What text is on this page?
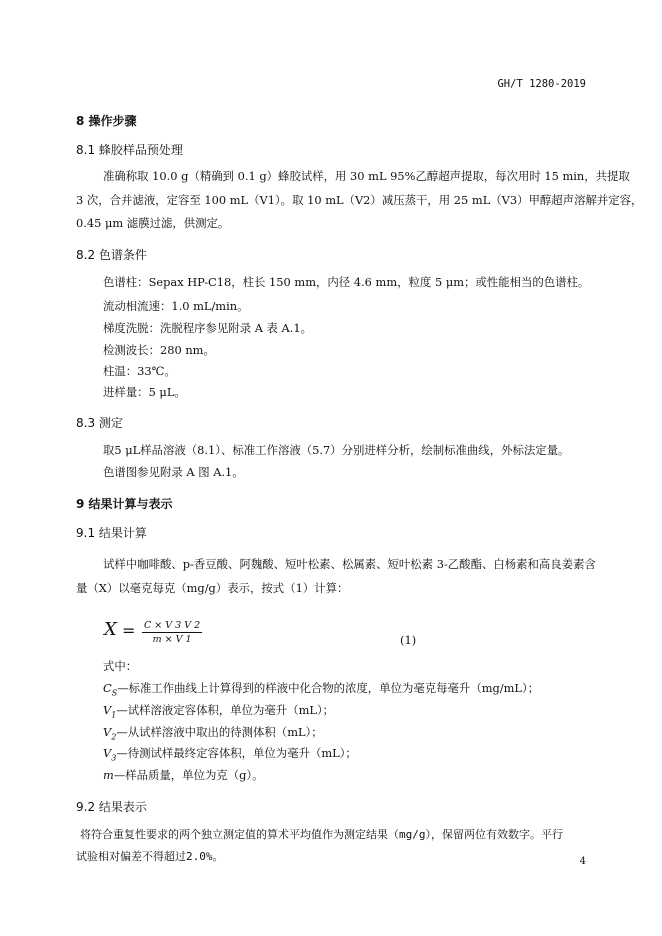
GH/T 1280-2019
8 操作步骤
8.1 蜂胶样品预处理
准确称取 10.0 g（精确到 0.1 g）蜂胶试样，用 30 mL 95%乙醇超声提取，每次用时 15 min，共提取
3 次，合并滤液，定容至 100 mL（V1）。取 10 mL（V2）减压蒸干，用 25 mL（V3）甲醇超声溶解并定容，
0.45 μm 滤膜过滤，供测定。
8.2 色谱条件
色谱柱：Sepax HP-C18，柱长 150 mm，内径 4.6 mm，粒度 5 μm；或性能相当的色谱柱。
流动相流速：1.0 mL/min。
梯度洗脱：洗脱程序参见附录 A 表 A.1。
检测波长：280 nm。
柱温：33℃。
进样量：5 μL。
8.3 测定
取5 μL样品溶液（8.1）、标准工作溶液（5.7）分别进样分析，绘制标准曲线，外标法定量。
色谱图参见附录 A 图 A.1。
9 结果计算与表示
9.1 结果计算
试样中咖啡酸、p-香豆酸、阿魏酸、短叶松素、松属素、短叶松素 3-乙酸酯、白杨素和高良姜素含
量（X）以毫克每克（mg/g）表示，按式（1）计算：
$X = \frac{C \times V 3 V 2}{m \times V 1}$	(1)
式中：
$C_S—$标准工作曲线上计算得到的样液中化合物的浓度，单位为毫克每毫升（mg/mL）；
$V_1—$试样溶液定容体积，单位为毫升（mL）；
$V_2—$从试样溶液中取出的待测体积（mL）；
$V_3—$待测试样最终定容体积，单位为毫升（mL）；
m—样品质量，单位为克（g）。
9.2 结果表示
将符合重复性要求的两个独立测定值的算术平均值作为测定结果（mg/g），保留两位有效数字。平行
试验相对偏差不得超过2.0%。	4
